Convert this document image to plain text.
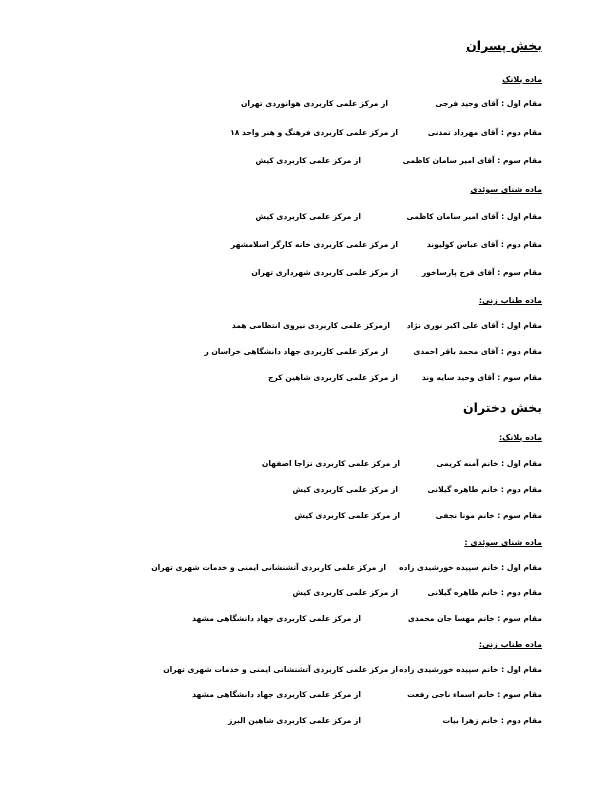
بخش پسران
ماده پلانک
مقام اول : آقای وحید فرجی
از مرکز علمی کاربردی هوانوردی تهران
مقام دوم : آقای مهرداد تمدنی
از مرکز علمی کاربردی فرهنگ و هنر واحد ۱۸
مقام سوم : آقای امیر سامان کاظمی
از مرکز علمی کاربردی کیش
ماده شنای سوئدی
مقام اول : آقای امیر سامان کاظمی
از مرکز علمی کاربردی کیش
مقام دوم : آقای عباس کولیوند
از مرکز علمی کاربردی خانه کارگر اسلامشهر
مقام سوم : آقای فرخ پارساخور
از مرکز علمی کاربردی شهرداری تهران
ماده طناب زنی:
مقام اول : آقای علی اکبر نوری نژاد
ازمرکز علمی کاربردی نیروی انتظامی همد
مقام دوم : آقای محمد باقر احمدی
از مرکز علمی کاربردی جهاد دانشگاهی خراسان ر
مقام سوم : آقای وحید سایه وند
از مرکز علمی کاربردی شاهین کرج
بخش دختران
ماده پلانک:
مقام اول : خانم آمنه کریمی
از مرکز علمی کاربردی نزاجا اصفهان
مقام دوم : خانم طاهره گیلانی
از مرکز علمی کاربردی کیش
مقام سوم : خانم مونا نجفی
از مرکز علمی کاربردی کیش
ماده شنای سوئدی :
مقام اول : خانم سپیده خورشیدی زاده
از مرکز علمی کاربردی آتشنشانی ایمنی و خدمات شهری تهران
مقام دوم : خانم طاهره گیلانی
از مرکز علمی کاربردی کیش
مقام سوم : خانم مهسا جان محمدی
از مرکز علمی کاربردی جهاد دانشگاهی مشهد
ماده طناب زنی:
مقام اول : خانم سپیده خورشیدی زاده
از مرکز علمی کاربردی آتشنشانی ایمنی و خدمات شهری تهران
مقام سوم : خانم اسماء ناجی رفعت
از مرکز علمی کاربردی جهاد دانشگاهی مشهد
مقام دوم : خانم زهرا بیات
از مرکز علمی کاربردی شاهین البرز
